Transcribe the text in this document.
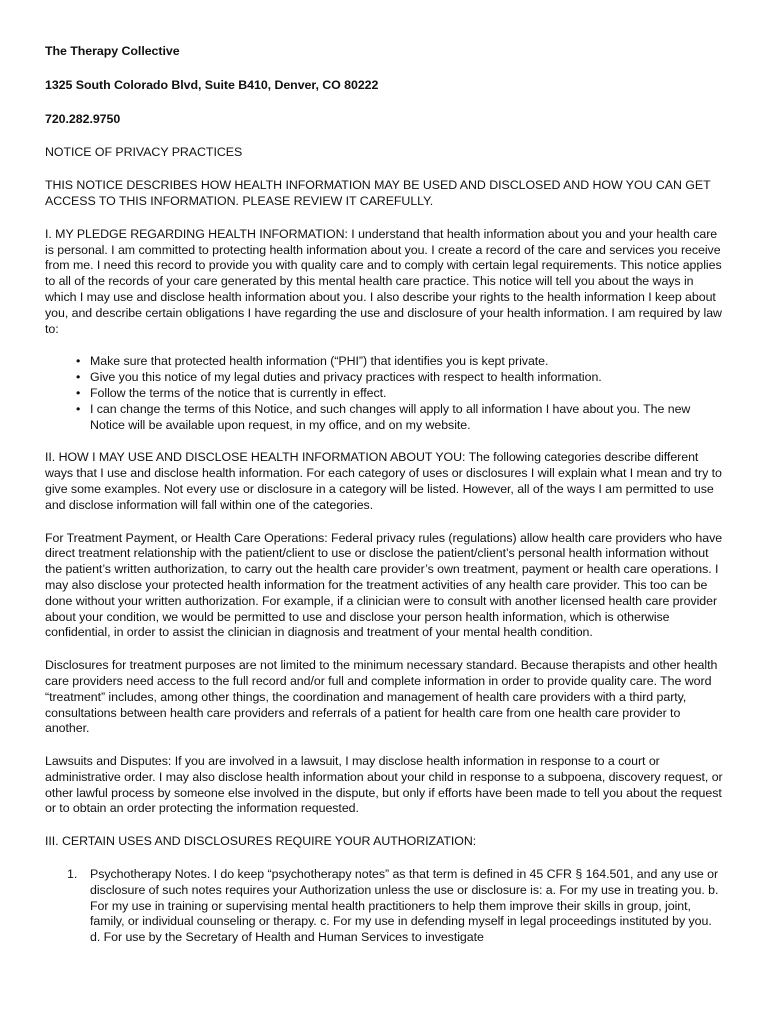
The Therapy Collective

1325 South Colorado Blvd, Suite B410, Denver, CO 80222

720.282.9750

NOTICE OF PRIVACY PRACTICES

THIS NOTICE DESCRIBES HOW HEALTH INFORMATION MAY BE USED AND DISCLOSED AND HOW YOU CAN GET ACCESS TO THIS INFORMATION. PLEASE REVIEW IT CAREFULLY.

I. MY PLEDGE REGARDING HEALTH INFORMATION: I understand that health information about you and your health care is personal. I am committed to protecting health information about you. I create a record of the care and services you receive from me. I need this record to provide you with quality care and to comply with certain legal requirements. This notice applies to all of the records of your care generated by this mental health care practice. This notice will tell you about the ways in which I may use and disclose health information about you. I also describe your rights to the health information I keep about you, and describe certain obligations I have regarding the use and disclosure of your health information. I am required by law to:

• Make sure that protected health information (“PHI”) that identifies you is kept private.
• Give you this notice of my legal duties and privacy practices with respect to health information.
• Follow the terms of the notice that is currently in effect.
• I can change the terms of this Notice, and such changes will apply to all information I have about you. The new Notice will be available upon request, in my office, and on my website.

II. HOW I MAY USE AND DISCLOSE HEALTH INFORMATION ABOUT YOU: The following categories describe different ways that I use and disclose health information. For each category of uses or disclosures I will explain what I mean and try to give some examples. Not every use or disclosure in a category will be listed. However, all of the ways I am permitted to use and disclose information will fall within one of the categories.

For Treatment Payment, or Health Care Operations: Federal privacy rules (regulations) allow health care providers who have direct treatment relationship with the patient/client to use or disclose the patient/client’s personal health information without the patient’s written authorization, to carry out the health care provider’s own treatment, payment or health care operations. I may also disclose your protected health information for the treatment activities of any health care provider. This too can be done without your written authorization. For example, if a clinician were to consult with another licensed health care provider about your condition, we would be permitted to use and disclose your person health information, which is otherwise confidential, in order to assist the clinician in diagnosis and treatment of your mental health condition.

Disclosures for treatment purposes are not limited to the minimum necessary standard. Because therapists and other health care providers need access to the full record and/or full and complete information in order to provide quality care. The word “treatment” includes, among other things, the coordination and management of health care providers with a third party, consultations between health care providers and referrals of a patient for health care from one health care provider to another.

Lawsuits and Disputes: If you are involved in a lawsuit, I may disclose health information in response to a court or administrative order. I may also disclose health information about your child in response to a subpoena, discovery request, or other lawful process by someone else involved in the dispute, but only if efforts have been made to tell you about the request or to obtain an order protecting the information requested.

III. CERTAIN USES AND DISCLOSURES REQUIRE YOUR AUTHORIZATION:

1. Psychotherapy Notes. I do keep “psychotherapy notes” as that term is defined in 45 CFR § 164.501, and any use or disclosure of such notes requires your Authorization unless the use or disclosure is: a. For my use in treating you. b. For my use in training or supervising mental health practitioners to help them improve their skills in group, joint, family, or individual counseling or therapy. c. For my use in defending myself in legal proceedings instituted by you. d. For use by the Secretary of Health and Human Services to investigate
